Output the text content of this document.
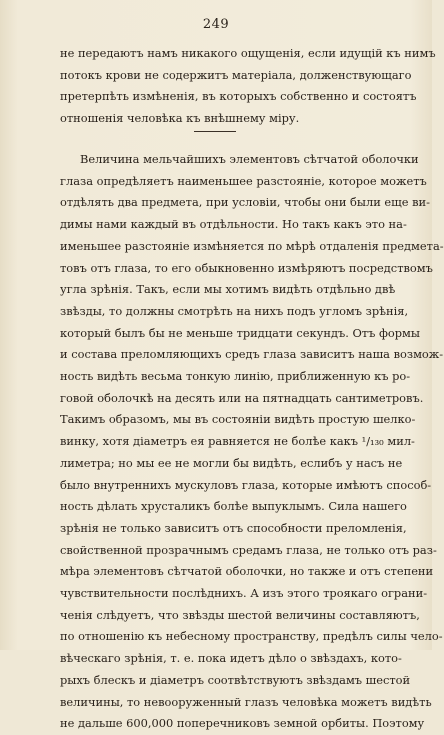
249
не передаютъ намъ никакого ощущенія, если идущій къ нимъ
потокъ крови не содержитъ матеріала, долженствующаго
претерпѣть измѣненія, въ которыхъ собственно и состоятъ
отношенія человѣка къ внѣшнему міру.
Величина мельчайшихъ элементовъ сѣтчатой оболочки
глаза опредѣляетъ наименьшее разстояніе, которое можетъ
отдѣлять два предмета, при условіи, чтобы они были еще ви-
димы нами каждый въ отдѣльности. Но такъ какъ это на-
именьшее разстояніе измѣняется по мѣрѣ отдаленія предмета-
товъ отъ глаза, то его обыкновенно измѣряютъ посредствомъ
угла зрѣнія. Такъ, если мы хотимъ видѣть отдѣльно двѣ
звѣзды, то должны смотрѣть на нихъ подъ угломъ зрѣнія,
который былъ бы не меньше тридцати секундъ. Отъ формы
и состава преломляющихъ средъ глаза зависитъ наша возмож-
ность видѣть весьма тонкую линію, приближенную къ ро-
говой оболочкѣ на десять или на пятнадцать сантиметровъ.
Такимъ образомъ, мы въ состояніи видѣть простую шелко-
винку, хотя діаметръ ея равняется не болѣе какъ ¹/₁₃₀ мил-
лиметра; но мы ее не могли бы видѣть, еслибъ у насъ не
было внутреннихъ мускуловъ глаза, которые имѣютъ способ-
ность дѣлать хрусталикъ болѣе выпуклымъ. Сила нашего
зрѣнія не только зависитъ отъ способности преломленія,
свойственной прозрачнымъ средамъ глаза, не только отъ раз-
мѣра элементовъ сѣтчатой оболочки, но также и отъ степени
чувствительности послѣднихъ. А изъ этого троякаго ограни-
ченія слѣдуетъ, что звѣзды шестой величины составляютъ,
по отношенію къ небесному пространству, предѣлъ силы чело-
вѣческаго зрѣнія, т. е. пока идетъ дѣло о звѣздахъ, кото-
рыхъ блескъ и діаметръ соотвѣтствуютъ звѣздамъ шестой
величины, то невооруженный глазъ человѣка можетъ видѣть
не дальше 600,000 поперечниковъ земной орбиты. Поэтому
